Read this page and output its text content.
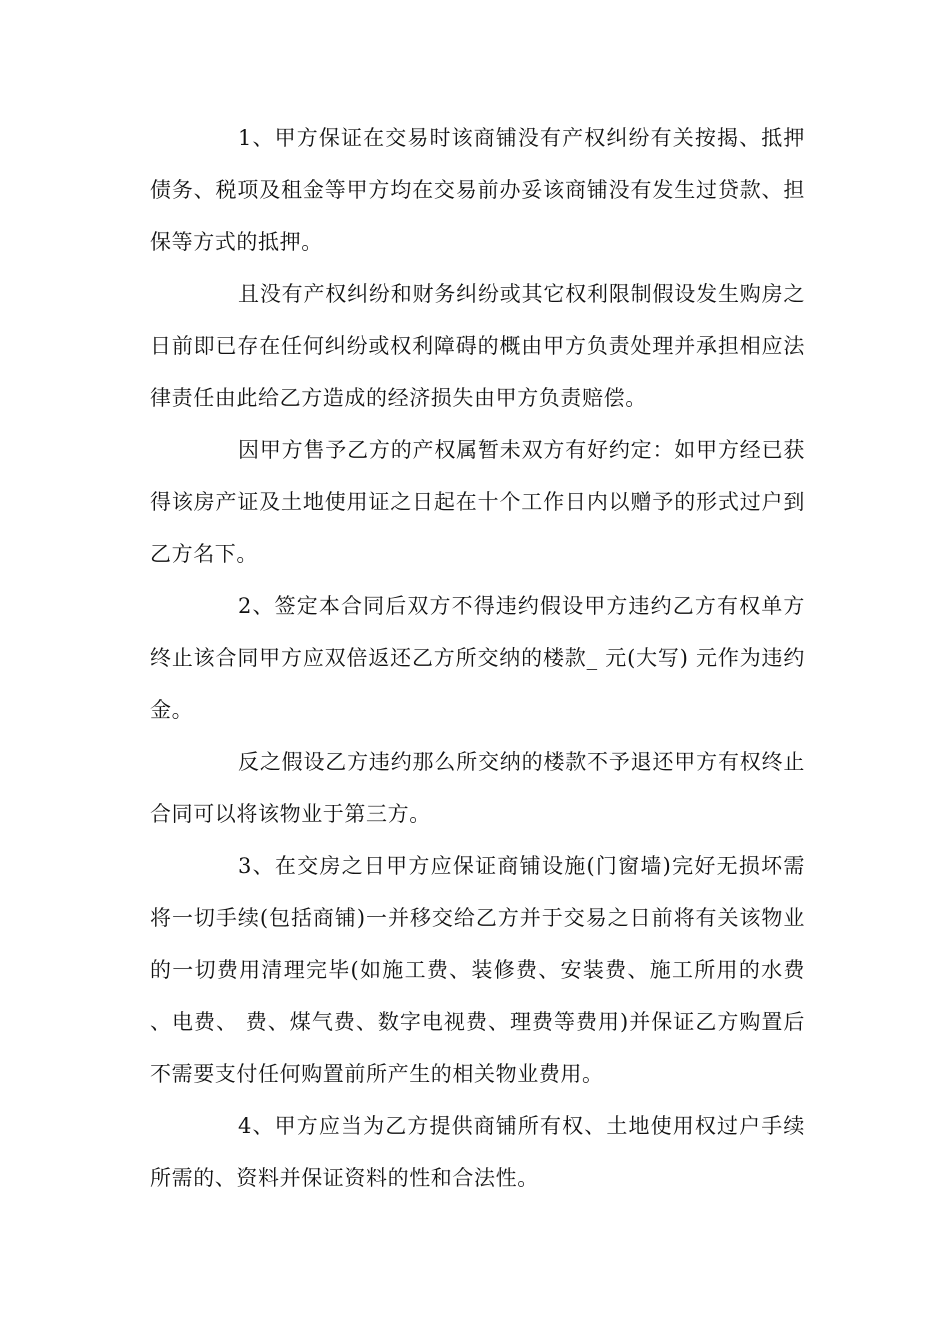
1、甲方保证在交易时该商铺没有产权纠纷有关按揭、抵押债务、税项及租金等甲方均在交易前办妥该商铺没有发生过贷款、担保等方式的抵押。

且没有产权纠纷和财务纠纷或其它权利限制假设发生购房之日前即已存在任何纠纷或权利障碍的概由甲方负责处理并承担相应法律责任由此给乙方造成的经济损失由甲方负责赔偿。

因甲方售予乙方的产权属暂未双方有好约定：如甲方经已获得该房产证及土地使用证之日起在十个工作日内以赠予的形式过户到乙方名下。

2、签定本合同后双方不得违约假设甲方违约乙方有权单方终止该合同甲方应双倍返还乙方所交纳的楼款_ 元(大写) 元作为违约金。

反之假设乙方违约那么所交纳的楼款不予退还甲方有权终止合同可以将该物业于第三方。

3、在交房之日甲方应保证商铺设施(门窗墙)完好无损坏需将一切手续(包括商铺)一并移交给乙方并于交易之日前将有关该物业的一切费用清理完毕(如施工费、装修费、安装费、施工所用的水费、电费、 费、煤气费、数字电视费、理费等费用)并保证乙方购置后不需要支付任何购置前所产生的相关物业费用。

4、甲方应当为乙方提供商铺所有权、土地使用权过户手续所需的、资料并保证资料的性和合法性。
